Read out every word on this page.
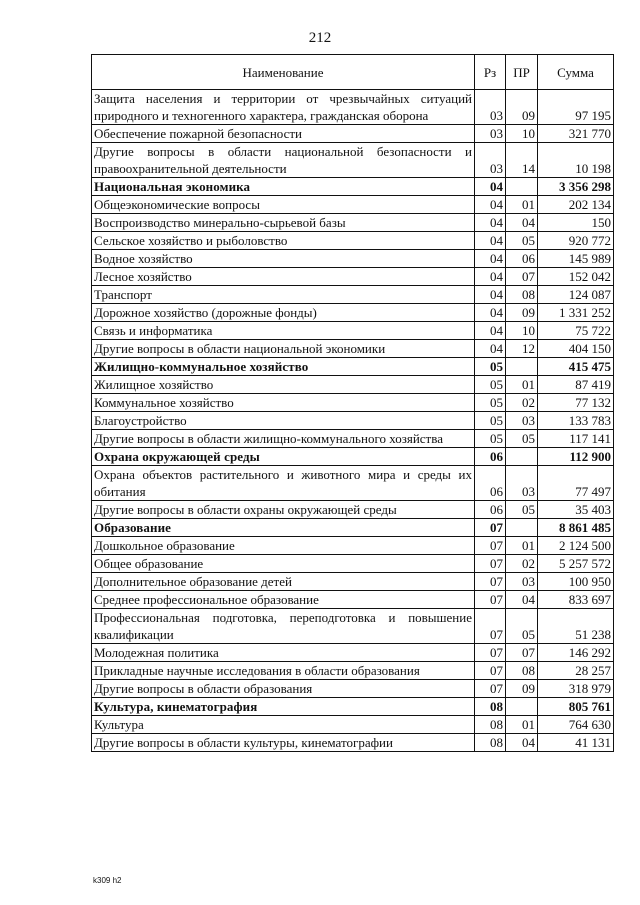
212
Наименование	Рз	ПР	Сумма
Защита населения и территории от чрезвычайных ситуаций природного и техногенного характера, гражданская оборона	03	09	97 195
Обеспечение пожарной безопасности	03	10	321 770
Другие вопросы в области национальной безопасности и правоохранительной деятельности	03	14	10 198
Национальная экономика	04		3 356 298
Общеэкономические вопросы	04	01	202 134
Воспроизводство минерально-сырьевой базы	04	04	150
Сельское хозяйство и рыболовство	04	05	920 772
Водное хозяйство	04	06	145 989
Лесное хозяйство	04	07	152 042
Транспорт	04	08	124 087
Дорожное хозяйство (дорожные фонды)	04	09	1 331 252
Связь и информатика	04	10	75 722
Другие вопросы в области национальной экономики	04	12	404 150
Жилищно-коммунальное хозяйство	05		415 475
Жилищное хозяйство	05	01	87 419
Коммунальное хозяйство	05	02	77 132
Благоустройство	05	03	133 783
Другие вопросы в области жилищно-коммунального хозяйства	05	05	117 141
Охрана окружающей среды	06		112 900
Охрана объектов растительного и животного мира и среды их обитания	06	03	77 497
Другие вопросы в области охраны окружающей среды	06	05	35 403
Образование	07		8 861 485
Дошкольное образование	07	01	2 124 500
Общее образование	07	02	5 257 572
Дополнительное образование детей	07	03	100 950
Среднее профессиональное образование	07	04	833 697
Профессиональная подготовка, переподготовка и повышение квалификации	07	05	51 238
Молодежная политика	07	07	146 292
Прикладные научные исследования в области образования	07	08	28 257
Другие вопросы в области образования	07	09	318 979
Культура, кинематография	08		805 761
Культура	08	01	764 630
Другие вопросы в области культуры, кинематографии	08	04	41 131
k309 h2
